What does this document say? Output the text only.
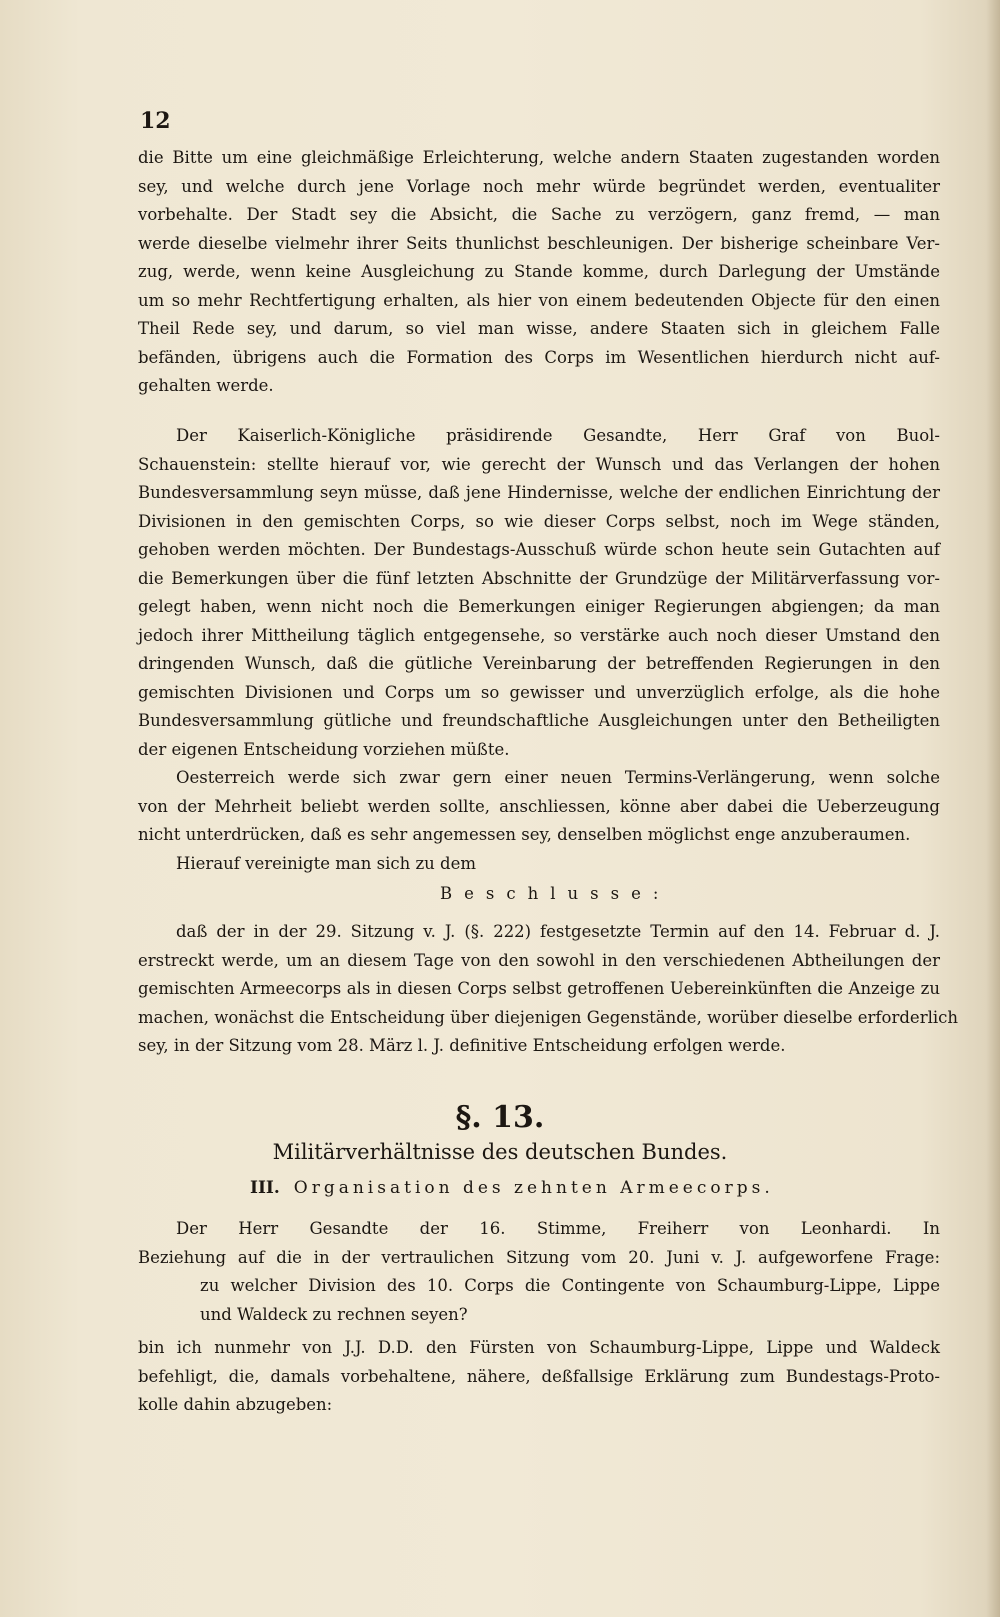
12
die Bitte um eine gleichmäßige Erleichterung, welche andern Staaten zugestanden worden
sey, und welche durch jene Vorlage noch mehr würde begründet werden, eventualiter
vorbehalte. Der Stadt sey die Absicht, die Sache zu verzögern, ganz fremd, — man
werde dieselbe vielmehr ihrer Seits thunlichst beschleunigen. Der bisherige scheinbare Ver-
zug, werde, wenn keine Ausgleichung zu Stande komme, durch Darlegung der Umstände
um so mehr Rechtfertigung erhalten, als hier von einem bedeutenden Objecte für den einen
Theil Rede sey, und darum, so viel man wisse, andere Staaten sich in gleichem Falle
befänden, übrigens auch die Formation des Corps im Wesentlichen hierdurch nicht auf-
gehalten werde.
Der Kaiserlich-Königliche präsidirende Gesandte, Herr Graf von Buol-
Schauenstein: stellte hierauf vor, wie gerecht der Wunsch und das Verlangen der hohen
Bundesversammlung seyn müsse, daß jene Hindernisse, welche der endlichen Einrichtung der
Divisionen in den gemischten Corps, so wie dieser Corps selbst, noch im Wege ständen,
gehoben werden möchten. Der Bundestags-Ausschuß würde schon heute sein Gutachten auf
die Bemerkungen über die fünf letzten Abschnitte der Grundzüge der Militärverfassung vor-
gelegt haben, wenn nicht noch die Bemerkungen einiger Regierungen abgiengen; da man
jedoch ihrer Mittheilung täglich entgegensehe, so verstärke auch noch dieser Umstand den
dringenden Wunsch, daß die gütliche Vereinbarung der betreffenden Regierungen in den
gemischten Divisionen und Corps um so gewisser und unverzüglich erfolge, als die hohe
Bundesversammlung gütliche und freundschaftliche Ausgleichungen unter den Betheiligten
der eigenen Entscheidung vorziehen müßte.
Oesterreich werde sich zwar gern einer neuen Termins-Verlängerung, wenn solche
von der Mehrheit beliebt werden sollte, anschliessen, könne aber dabei die Ueberzeugung
nicht unterdrücken, daß es sehr angemessen sey, denselben möglichst enge anzuberaumen.
Hierauf vereinigte man sich zu dem
Beschlusse:
daß der in der 29. Sitzung v. J. (§. 222) festgesetzte Termin auf den 14. Februar d. J.
erstreckt werde, um an diesem Tage von den sowohl in den verschiedenen Abtheilungen der
gemischten Armeecorps als in diesen Corps selbst getroffenen Uebereinkünften die Anzeige zu
machen, wonächst die Entscheidung über diejenigen Gegenstände, worüber dieselbe erforderlich
sey, in der Sitzung vom 28. März l. J. definitive Entscheidung erfolgen werde.
§. 13.
Militärverhältnisse des deutschen Bundes.
III. Organisation des zehnten Armeecorps.
Der Herr Gesandte der 16. Stimme, Freiherr von Leonhardi. In
Beziehung auf die in der vertraulichen Sitzung vom 20. Juni v. J. aufgeworfene Frage:
zu welcher Division des 10. Corps die Contingente von Schaumburg-Lippe, Lippe
und Waldeck zu rechnen seyen?
bin ich nunmehr von J.J. D.D. den Fürsten von Schaumburg-Lippe, Lippe und Waldeck
befehligt, die, damals vorbehaltene, nähere, deßfallsige Erklärung zum Bundestags-Proto-
kolle dahin abzugeben:
